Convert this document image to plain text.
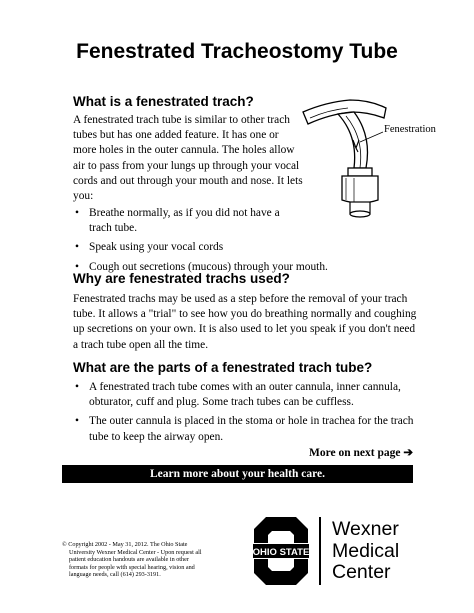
Fenestrated Tracheostomy Tube
What is a fenestrated trach?

A fenestrated trach tube is similar to other trach
tubes but has one added feature. It has one or
more holes in the outer cannula. The holes allow
air to pass from your lungs up through your vocal
cords and out through your mouth and nose. It lets
you:

• Breathe normally, as if you did not have a
trach tube.
• Speak using your vocal cords
• Cough out secretions (mucous) through your mouth.
Fenestration
Why are fenestrated trachs used?

Fenestrated trachs may be used as a step before the removal of your trach
tube. It allows a "trial" to see how you do breathing normally and coughing
up secretions on your own. It is also used to let you speak if you don't need
a trach tube open all the time.

What are the parts of a fenestrated trach tube?
• A fenestrated trach tube comes with an outer cannula, inner cannula,
obturator, cuff and plug. Some trach tubes can be cuffless.
• The outer cannula is placed in the stoma or hole in trachea for the trach
tube to keep the airway open.
More on next page ➔
Learn more about your health care.
© Copyright 2002 - May 31, 2012. The Ohio State
University Wexner Medical Center - Upon request all
patient education handouts are available in other
formats for people with special hearing, vision and
language needs, call (614) 293-3191.
OHIO STATE
Wexner
Medical
Center
